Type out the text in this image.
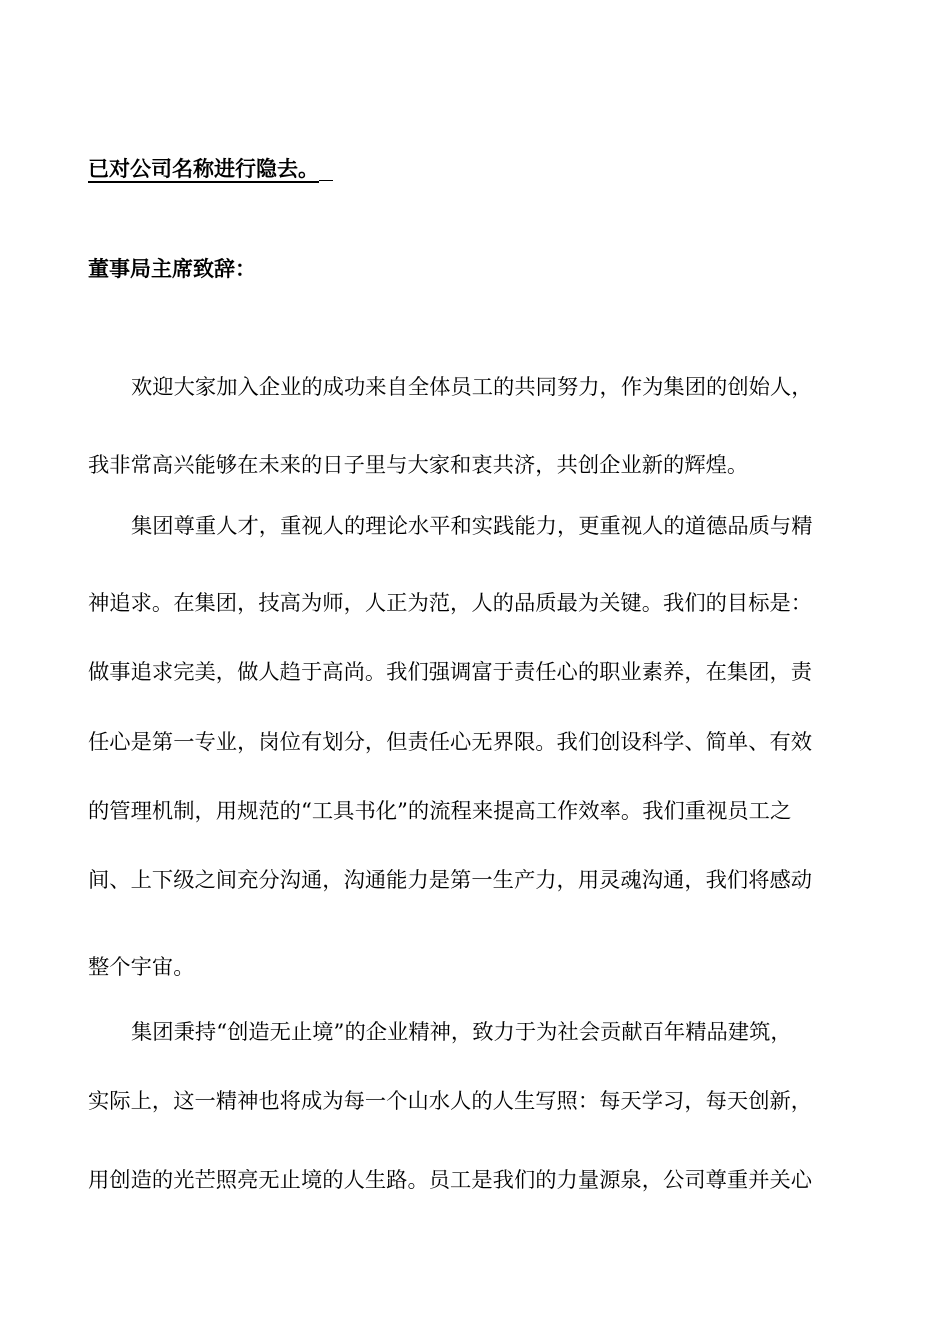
已对公司名称进行隐去。

董事局主席致辞：

欢迎大家加入企业的成功来自全体员工的共同努力，作为集团的创始人，

我非常高兴能够在未来的日子里与大家和衷共济，共创企业新的辉煌。

集团尊重人才，重视人的理论水平和实践能力，更重视人的道德品质与精

神追求。在集团，技高为师，人正为范，人的品质最为关键。我们的目标是：

做事追求完美，做人趋于高尚。我们强调富于责任心的职业素养，在集团，责

任心是第一专业，岗位有划分，但责任心无界限。我们创设科学、简单、有效

的管理机制，用规范的“工具书化”的流程来提高工作效率。我们重视员工之

间、上下级之间充分沟通，沟通能力是第一生产力，用灵魂沟通，我们将感动

整个宇宙。

集团秉持“创造无止境”的企业精神，致力于为社会贡献百年精品建筑，

实际上，这一精神也将成为每一个山水人的人生写照：每天学习，每天创新，

用创造的光芒照亮无止境的人生路。员工是我们的力量源泉，公司尊重并关心
